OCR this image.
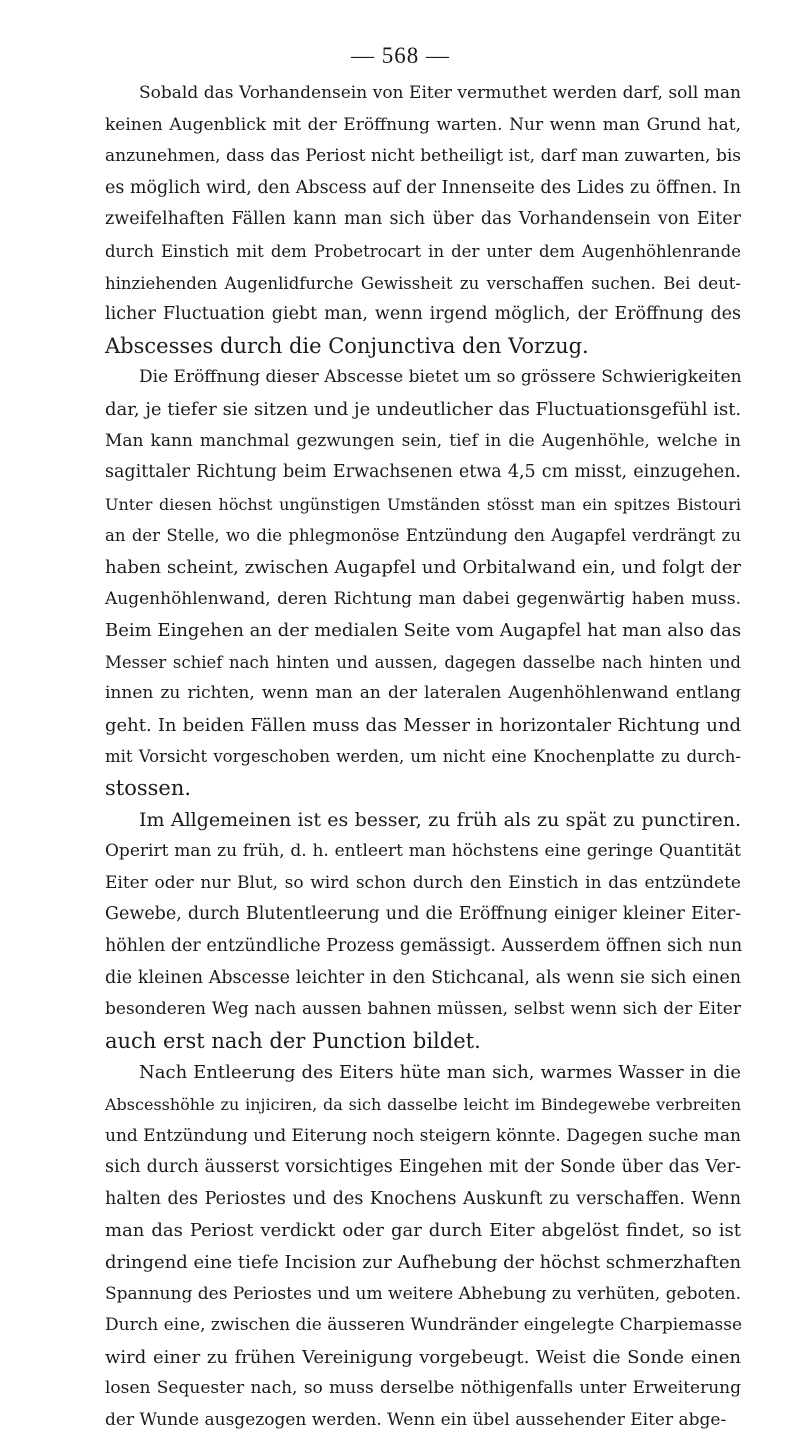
— 568 —
Sobald das Vorhandensein von Eiter vermuthet werden darf, soll man
keinen Augenblick mit der Eröffnung warten. Nur wenn man Grund hat,
anzunehmen, dass das Periost nicht betheiligt ist, darf man zuwarten, bis
es möglich wird, den Abscess auf der Innenseite des Lides zu öffnen. In
zweifelhaften Fällen kann man sich über das Vorhandensein von Eiter
durch Einstich mit dem Probetrocart in der unter dem Augenhöhlenrande
hinziehenden Augenlidfurche Gewissheit zu verschaffen suchen. Bei deut-
licher Fluctuation giebt man, wenn irgend möglich, der Eröffnung des
Abscesses durch die Conjunctiva den Vorzug.
Die Eröffnung dieser Abscesse bietet um so grössere Schwierigkeiten
dar, je tiefer sie sitzen und je undeutlicher das Fluctuationsgefühl ist.
Man kann manchmal gezwungen sein, tief in die Augenhöhle, welche in
sagittaler Richtung beim Erwachsenen etwa 4,5 cm misst, einzugehen.
Unter diesen höchst ungünstigen Umständen stösst man ein spitzes Bistouri
an der Stelle, wo die phlegmonöse Entzündung den Augapfel verdrängt zu
haben scheint, zwischen Augapfel und Orbitalwand ein, und folgt der
Augenhöhlenwand, deren Richtung man dabei gegenwärtig haben muss.
Beim Eingehen an der medialen Seite vom Augapfel hat man also das
Messer schief nach hinten und aussen, dagegen dasselbe nach hinten und
innen zu richten, wenn man an der lateralen Augenhöhlenwand entlang
geht. In beiden Fällen muss das Messer in horizontaler Richtung und
mit Vorsicht vorgeschoben werden, um nicht eine Knochenplatte zu durch-
stossen.
Im Allgemeinen ist es besser, zu früh als zu spät zu punctiren.
Operirt man zu früh, d. h. entleert man höchstens eine geringe Quantität
Eiter oder nur Blut, so wird schon durch den Einstich in das entzündete
Gewebe, durch Blutentleerung und die Eröffnung einiger kleiner Eiter-
höhlen der entzündliche Prozess gemässigt. Ausserdem öffnen sich nun
die kleinen Abscesse leichter in den Stichcanal, als wenn sie sich einen
besonderen Weg nach aussen bahnen müssen, selbst wenn sich der Eiter
auch erst nach der Punction bildet.
Nach Entleerung des Eiters hüte man sich, warmes Wasser in die
Abscesshöhle zu injiciren, da sich dasselbe leicht im Bindegewebe verbreiten
und Entzündung und Eiterung noch steigern könnte. Dagegen suche man
sich durch äusserst vorsichtiges Eingehen mit der Sonde über das Ver-
halten des Periostes und des Knochens Auskunft zu verschaffen. Wenn
man das Periost verdickt oder gar durch Eiter abgelöst findet, so ist
dringend eine tiefe Incision zur Aufhebung der höchst schmerzhaften
Spannung des Periostes und um weitere Abhebung zu verhüten, geboten.
Durch eine, zwischen die äusseren Wundränder eingelegte Charpiemasse
wird einer zu frühen Vereinigung vorgebeugt. Weist die Sonde einen
losen Sequester nach, so muss derselbe nöthigenfalls unter Erweiterung
der Wunde ausgezogen werden. Wenn ein übel aussehender Eiter abge-
